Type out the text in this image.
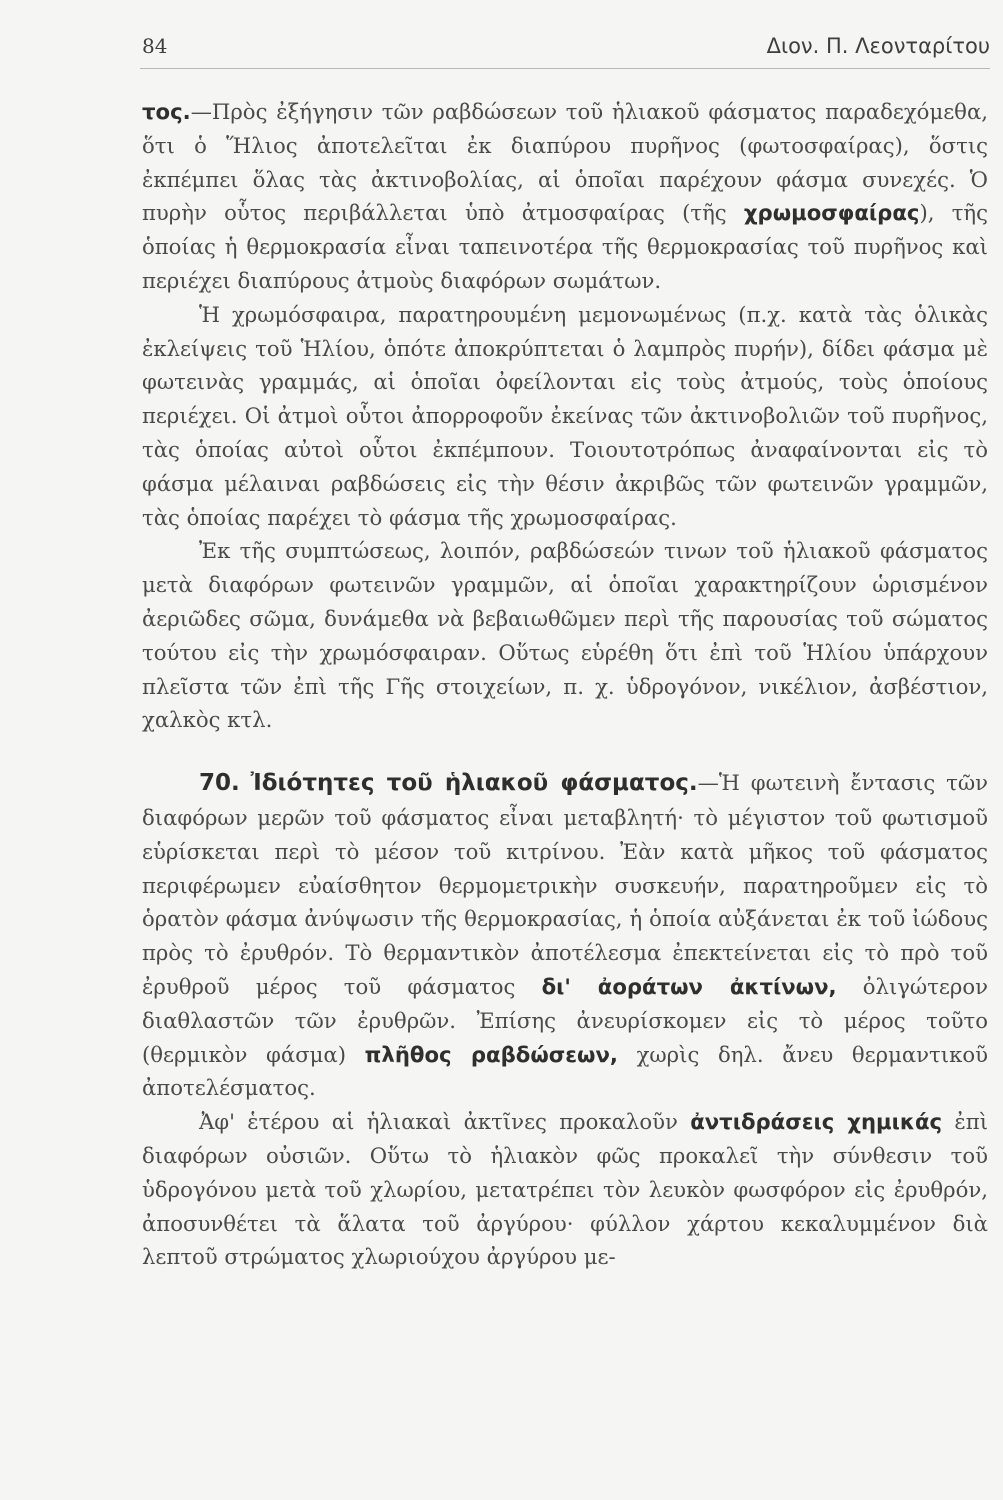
84	Διον. Π. Λεονταρίτου

τος.—Πρὸς ἐξήγησιν τῶν ραβδώσεων τοῦ ἡλιακοῦ φάσματος παραδεχόμεθα, ὅτι ὁ Ἥλιος ἀποτελεῖται ἐκ διαπύρου πυρῆνος (φωτοσφαίρας), ὅστις ἐκπέμπει ὅλας τὰς ἀκτινοβολίας, αἱ ὁποῖαι παρέχουν φάσμα συνεχές. Ὁ πυρὴν οὗτος περιβάλλεται ὑπὸ ἀτμοσφαίρας (τῆς χρωμοσφαίρας), τῆς ὁποίας ἡ θερμοκρασία εἶναι ταπεινοτέρα τῆς θερμοκρασίας τοῦ πυρῆνος καὶ περιέχει διαπύρους ἀτμοὺς διαφόρων σωμάτων.

Ἡ χρωμόσφαιρα, παρατηρουμένη μεμονωμένως (π.χ. κατὰ τὰς ὁλικὰς ἐκλείψεις τοῦ Ἡλίου, ὁπότε ἀποκρύπτεται ὁ λαμπρὸς πυρήν), δίδει φάσμα μὲ φωτεινὰς γραμμάς, αἱ ὁποῖαι ὀφείλονται εἰς τοὺς ἀτμούς, τοὺς ὁποίους περιέχει. Οἱ ἀτμοὶ οὗτοι ἀπορροφοῦν ἐκείνας τῶν ἀκτινοβολιῶν τοῦ πυρῆνος, τὰς ὁποίας αὐτοὶ οὗτοι ἐκπέμπουν. Τοιουτοτρόπως ἀναφαίνονται εἰς τὸ φάσμα μέλαιναι ραβδώσεις εἰς τὴν θέσιν ἀκριβῶς τῶν φωτεινῶν γραμμῶν, τὰς ὁποίας παρέχει τὸ φάσμα τῆς χρωμοσφαίρας.

Ἐκ τῆς συμπτώσεως, λοιπόν, ραβδώσεών τινων τοῦ ἡλιακοῦ φάσματος μετὰ διαφόρων φωτεινῶν γραμμῶν, αἱ ὁποῖαι χαρακτηρίζουν ὡρισμένον ἀεριῶδες σῶμα, δυνάμεθα νὰ βεβαιωθῶμεν περὶ τῆς παρουσίας τοῦ σώματος τούτου εἰς τὴν χρωμόσφαιραν. Οὕτως εὑρέθη ὅτι ἐπὶ τοῦ Ἡλίου ὑπάρχουν πλεῖστα τῶν ἐπὶ τῆς Γῆς στοιχείων, π. χ. ὑδρογόνον, νικέλιον, ἀσβέστιον, χαλκὸς κτλ.

70. Ἰδιότητες τοῦ ἡλιακοῦ φάσματος.—Ἡ φωτεινὴ ἔντασις τῶν διαφόρων μερῶν τοῦ φάσματος εἶναι μεταβλητή· τὸ μέγιστον τοῦ φωτισμοῦ εὑρίσκεται περὶ τὸ μέσον τοῦ κιτρίνου. Ἐὰν κατὰ μῆκος τοῦ φάσματος περιφέρωμεν εὐαίσθητον θερμομετρικὴν συσκευήν, παρατηροῦμεν εἰς τὸ ὁρατὸν φάσμα ἀνύψωσιν τῆς θερμοκρασίας, ἡ ὁποία αὐξάνεται ἐκ τοῦ ἰώδους πρὸς τὸ ἐρυθρόν. Τὸ θερμαντικὸν ἀποτέλεσμα ἐπεκτείνεται εἰς τὸ πρὸ τοῦ ἐρυθροῦ μέρος τοῦ φάσματος δι' ἀοράτων ἀκτίνων, ὀλιγώτερον διαθλαστῶν τῶν ἐρυθρῶν. Ἐπίσης ἀνευρίσκομεν εἰς τὸ μέρος τοῦτο (θερμικὸν φάσμα) πλῆθος ραβδώσεων, χωρὶς δηλ. ἄνευ θερμαντικοῦ ἀποτελέσματος.

Ἀφ' ἑτέρου αἱ ἡλιακαὶ ἀκτῖνες προκαλοῦν ἀντιδράσεις χημικάς ἐπὶ διαφόρων οὐσιῶν. Οὕτω τὸ ἡλιακὸν φῶς προκαλεῖ τὴν σύνθεσιν τοῦ ὑδρογόνου μετὰ τοῦ χλωρίου, μετατρέπει τὸν λευκὸν φωσφόρον εἰς ἐρυθρόν, ἀποσυνθέτει τὰ ἅλατα τοῦ ἀργύρου· φύλλον χάρτου κεκαλυμμένον διὰ λεπτοῦ στρώματος χλωριούχου ἀργύρου με-
